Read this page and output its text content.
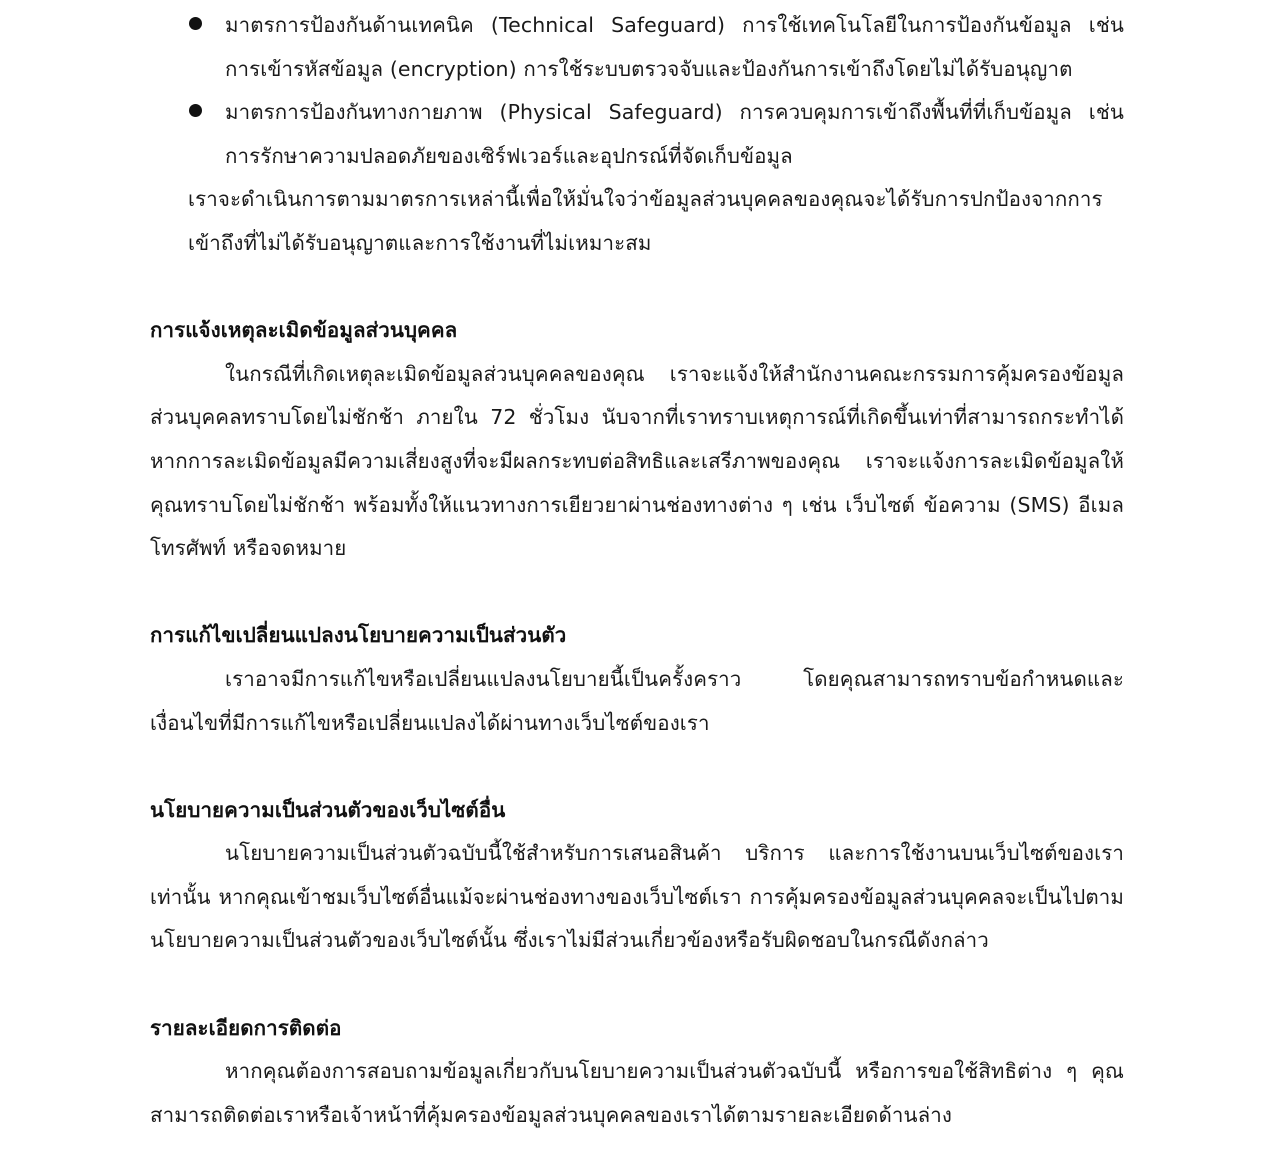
มาตรการป้องกันด้านเทคนิค (Technical Safeguard) การใช้เทคโนโลยีในการป้องกันข้อมูล เช่น การเข้ารหัสข้อมูล (encryption) การใช้ระบบตรวจจับและป้องกันการเข้าถึงโดยไม่ได้รับอนุญาต
มาตรการป้องกันทางกายภาพ (Physical Safeguard) การควบคุมการเข้าถึงพื้นที่ที่เก็บข้อมูล เช่น การรักษาความปลอดภัยของเซิร์ฟเวอร์และอุปกรณ์ที่จัดเก็บข้อมูล

เราจะดำเนินการตามมาตรการเหล่านี้เพื่อให้มั่นใจว่าข้อมูลส่วนบุคคลของคุณจะได้รับการปกป้องจากการเข้าถึงที่ไม่ได้รับอนุญาตและการใช้งานที่ไม่เหมาะสม

การแจ้งเหตุละเมิดข้อมูลส่วนบุคคล

ในกรณีที่เกิดเหตุละเมิดข้อมูลส่วนบุคคลของคุณ เราจะแจ้งให้สำนักงานคณะกรรมการคุ้มครองข้อมูลส่วนบุคคลทราบโดยไม่ชักช้า ภายใน 72 ชั่วโมง นับจากที่เราทราบเหตุการณ์ที่เกิดขึ้นเท่าที่สามารถกระทำได้ หากการละเมิดข้อมูลมีความเสี่ยงสูงที่จะมีผลกระทบต่อสิทธิและเสรีภาพของคุณ เราจะแจ้งการละเมิดข้อมูลให้คุณทราบโดยไม่ชักช้า พร้อมทั้งให้แนวทางการเยียวยาผ่านช่องทางต่าง ๆ เช่น เว็บไซต์ ข้อความ (SMS) อีเมล โทรศัพท์ หรือจดหมาย

การแก้ไขเปลี่ยนแปลงนโยบายความเป็นส่วนตัว

เราอาจมีการแก้ไขหรือเปลี่ยนแปลงนโยบายนี้เป็นครั้งคราว โดยคุณสามารถทราบข้อกำหนดและเงื่อนไขที่มีการแก้ไขหรือเปลี่ยนแปลงได้ผ่านทางเว็บไซต์ของเรา

นโยบายความเป็นส่วนตัวของเว็บไซต์อื่น

นโยบายความเป็นส่วนตัวฉบับนี้ใช้สำหรับการเสนอสินค้า บริการ และการใช้งานบนเว็บไซต์ของเราเท่านั้น หากคุณเข้าชมเว็บไซต์อื่นแม้จะผ่านช่องทางของเว็บไซต์เรา การคุ้มครองข้อมูลส่วนบุคคลจะเป็นไปตามนโยบายความเป็นส่วนตัวของเว็บไซต์นั้น ซึ่งเราไม่มีส่วนเกี่ยวข้องหรือรับผิดชอบในกรณีดังกล่าว

รายละเอียดการติดต่อ

หากคุณต้องการสอบถามข้อมูลเกี่ยวกับนโยบายความเป็นส่วนตัวฉบับนี้ หรือการขอใช้สิทธิต่าง ๆ คุณสามารถติดต่อเราหรือเจ้าหน้าที่คุ้มครองข้อมูลส่วนบุคคลของเราได้ตามรายละเอียดด้านล่าง
